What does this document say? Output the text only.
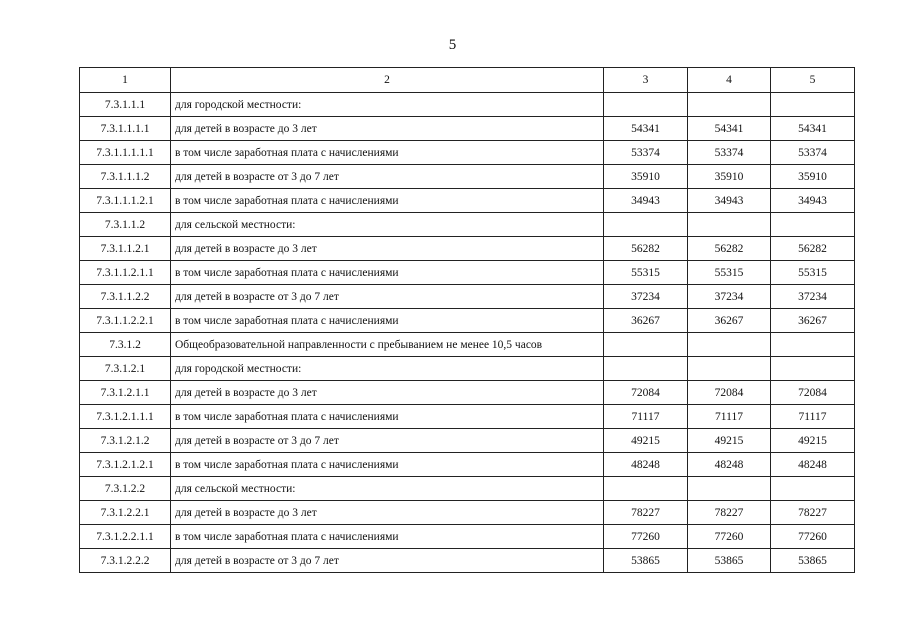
5
1	2	3	4	5
7.3.1.1.1	для городской местности:			
7.3.1.1.1.1	для детей в возрасте до 3 лет	54341	54341	54341
7.3.1.1.1.1.1	в том числе заработная плата с начислениями	53374	53374	53374
7.3.1.1.1.2	для детей в возрасте от 3 до 7 лет	35910	35910	35910
7.3.1.1.1.2.1	в том числе заработная плата с начислениями	34943	34943	34943
7.3.1.1.2	для сельской местности:			
7.3.1.1.2.1	для детей в возрасте до 3 лет	56282	56282	56282
7.3.1.1.2.1.1	в том числе заработная плата с начислениями	55315	55315	55315
7.3.1.1.2.2	для детей в возрасте от 3 до 7 лет	37234	37234	37234
7.3.1.1.2.2.1	в том числе заработная плата с начислениями	36267	36267	36267
7.3.1.2	Общеобразовательной направленности с пребыванием не менее 10,5 часов			
7.3.1.2.1	для городской местности:			
7.3.1.2.1.1	для детей в возрасте до 3 лет	72084	72084	72084
7.3.1.2.1.1.1	в том числе заработная плата с начислениями	71117	71117	71117
7.3.1.2.1.2	для детей в возрасте от 3 до 7 лет	49215	49215	49215
7.3.1.2.1.2.1	в том числе заработная плата с начислениями	48248	48248	48248
7.3.1.2.2	для сельской местности:			
7.3.1.2.2.1	для детей в возрасте до 3 лет	78227	78227	78227
7.3.1.2.2.1.1	в том числе заработная плата с начислениями	77260	77260	77260
7.3.1.2.2.2	для детей в возрасте от 3 до 7 лет	53865	53865	53865
